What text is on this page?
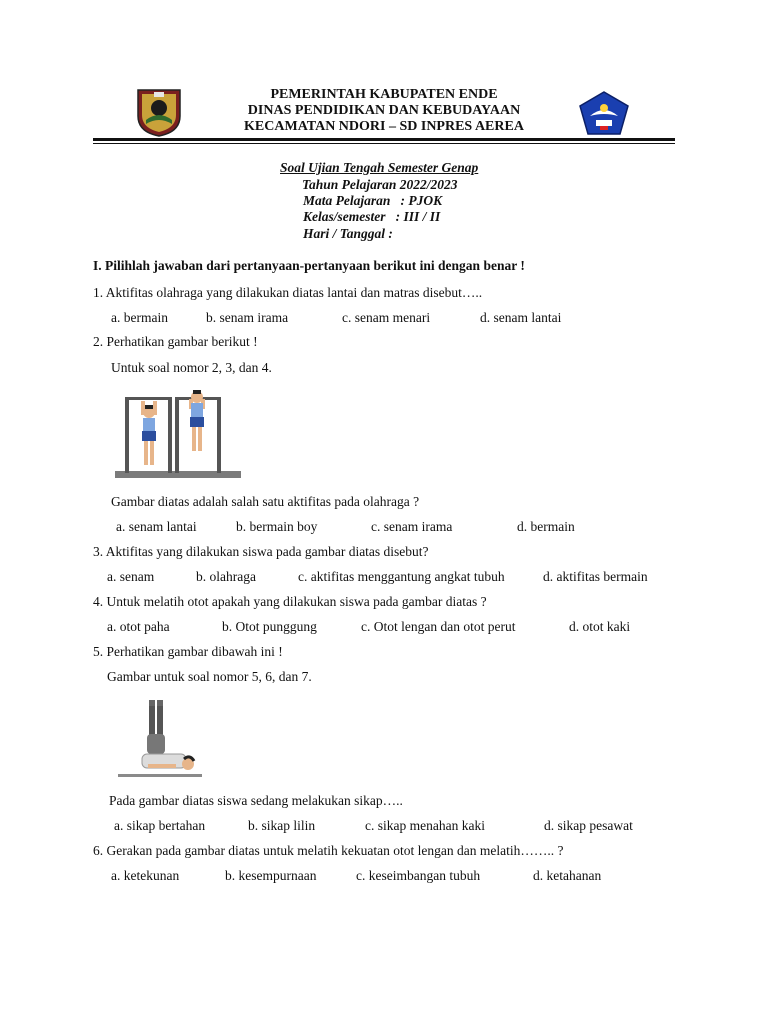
PEMERINTAH KABUPATEN ENDE
DINAS PENDIDIKAN DAN KEBUDAYAAN
KECAMATAN NDORI – SD INPRES AEREA
Soal Ujian Tengah Semester Genap
Tahun Pelajaran 2022/2023
Mata Pelajaran   : PJOK
Kelas/semester   : III / II
Hari / Tanggal :
I. Pilihlah jawaban dari pertanyaan-pertanyaan berikut ini dengan benar !
1. Aktifitas olahraga yang dilakukan diatas lantai dan matras disebut…..
a. bermain	b. senam irama	c. senam menari	d. senam lantai
2. Perhatikan gambar berikut !
Untuk soal nomor 2, 3, dan 4.
Gambar diatas adalah salah satu aktifitas pada olahraga ?
a. senam lantai	b. bermain boy	c. senam irama	d. bermain
3. Aktifitas yang dilakukan siswa pada gambar diatas disebut?
a. senam	b. olahraga	c. aktifitas menggantung angkat tubuh	d. aktifitas bermain
4. Untuk melatih otot apakah yang dilakukan siswa pada gambar diatas ?
a. otot paha	b. Otot punggung	c. Otot lengan dan otot perut	d. otot kaki
5. Perhatikan gambar dibawah ini !
Gambar untuk soal nomor 5, 6, dan 7.
Pada gambar diatas siswa sedang melakukan sikap…..
a. sikap bertahan	b. sikap lilin	c. sikap menahan kaki	d. sikap pesawat
6. Gerakan pada gambar diatas untuk melatih kekuatan otot lengan dan melatih…….. ?
a. ketekunan	b. kesempurnaan	c. keseimbangan tubuh	d. ketahanan
